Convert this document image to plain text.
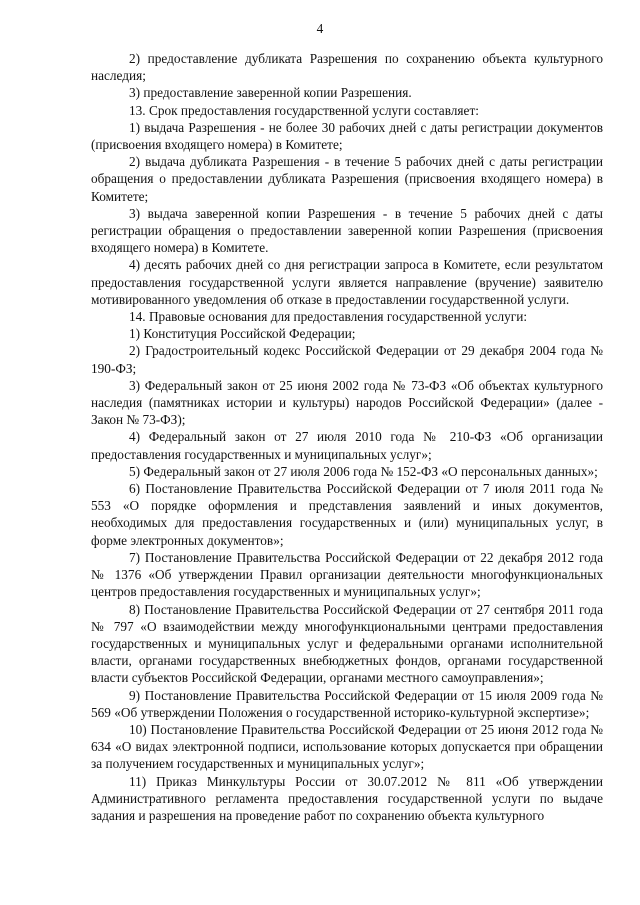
4

2) предоставление дубликата Разрешения по сохранению объекта культурного наследия;

3) предоставление заверенной копии Разрешения.

13. Срок предоставления государственной услуги составляет:

1) выдача Разрешения - не более 30 рабочих дней с даты регистрации документов (присвоения входящего номера) в Комитете;

2) выдача дубликата Разрешения - в течение 5 рабочих дней с даты регистрации обращения о предоставлении дубликата Разрешения (присвоения входящего номера) в Комитете;

3) выдача заверенной копии Разрешения - в течение 5 рабочих дней с даты регистрации обращения о предоставлении заверенной копии Разрешения (присвоения входящего номера) в Комитете.

4) десять рабочих дней со дня регистрации запроса в Комитете, если результатом предоставления государственной услуги является направление (вручение) заявителю мотивированного уведомления об отказе в предоставлении государственной услуги.

14. Правовые основания для предоставления государственной услуги:

1) Конституция Российской Федерации;

2) Градостроительный кодекс Российской Федерации от 29 декабря 2004 года № 190-ФЗ;

3) Федеральный закон от 25 июня 2002 года № 73-ФЗ «Об объектах культурного наследия (памятниках истории и культуры) народов Российской Федерации» (далее - Закон № 73-ФЗ);

4) Федеральный закон от 27 июля 2010 года № 210-ФЗ «Об организации предоставления государственных и муниципальных услуг»;

5) Федеральный закон от 27 июля 2006 года № 152-ФЗ «О персональных данных»;

6) Постановление Правительства Российской Федерации от 7 июля 2011 года № 553 «О порядке оформления и представления заявлений и иных документов, необходимых для предоставления государственных и (или) муниципальных услуг, в форме электронных документов»;

7) Постановление Правительства Российской Федерации от 22 декабря 2012 года № 1376 «Об утверждении Правил организации деятельности многофункциональных центров предоставления государственных и муниципальных услуг»;

8) Постановление Правительства Российской Федерации от 27 сентября 2011 года № 797 «О взаимодействии между многофункциональными центрами предоставления государственных и муниципальных услуг и федеральными органами исполнительной власти, органами государственных внебюджетных фондов, органами государственной власти субъектов Российской Федерации, органами местного самоуправления»;

9) Постановление Правительства Российской Федерации от 15 июля 2009 года № 569 «Об утверждении Положения о государственной историко-культурной экспертизе»;

10) Постановление Правительства Российской Федерации от 25 июня 2012 года № 634 «О видах электронной подписи, использование которых допускается при обращении за получением государственных и муниципальных услуг»;

11) Приказ Минкультуры России от 30.07.2012 № 811 «Об утверждении Административного регламента предоставления государственной услуги по выдаче задания и разрешения на проведение работ по сохранению объекта культурного
